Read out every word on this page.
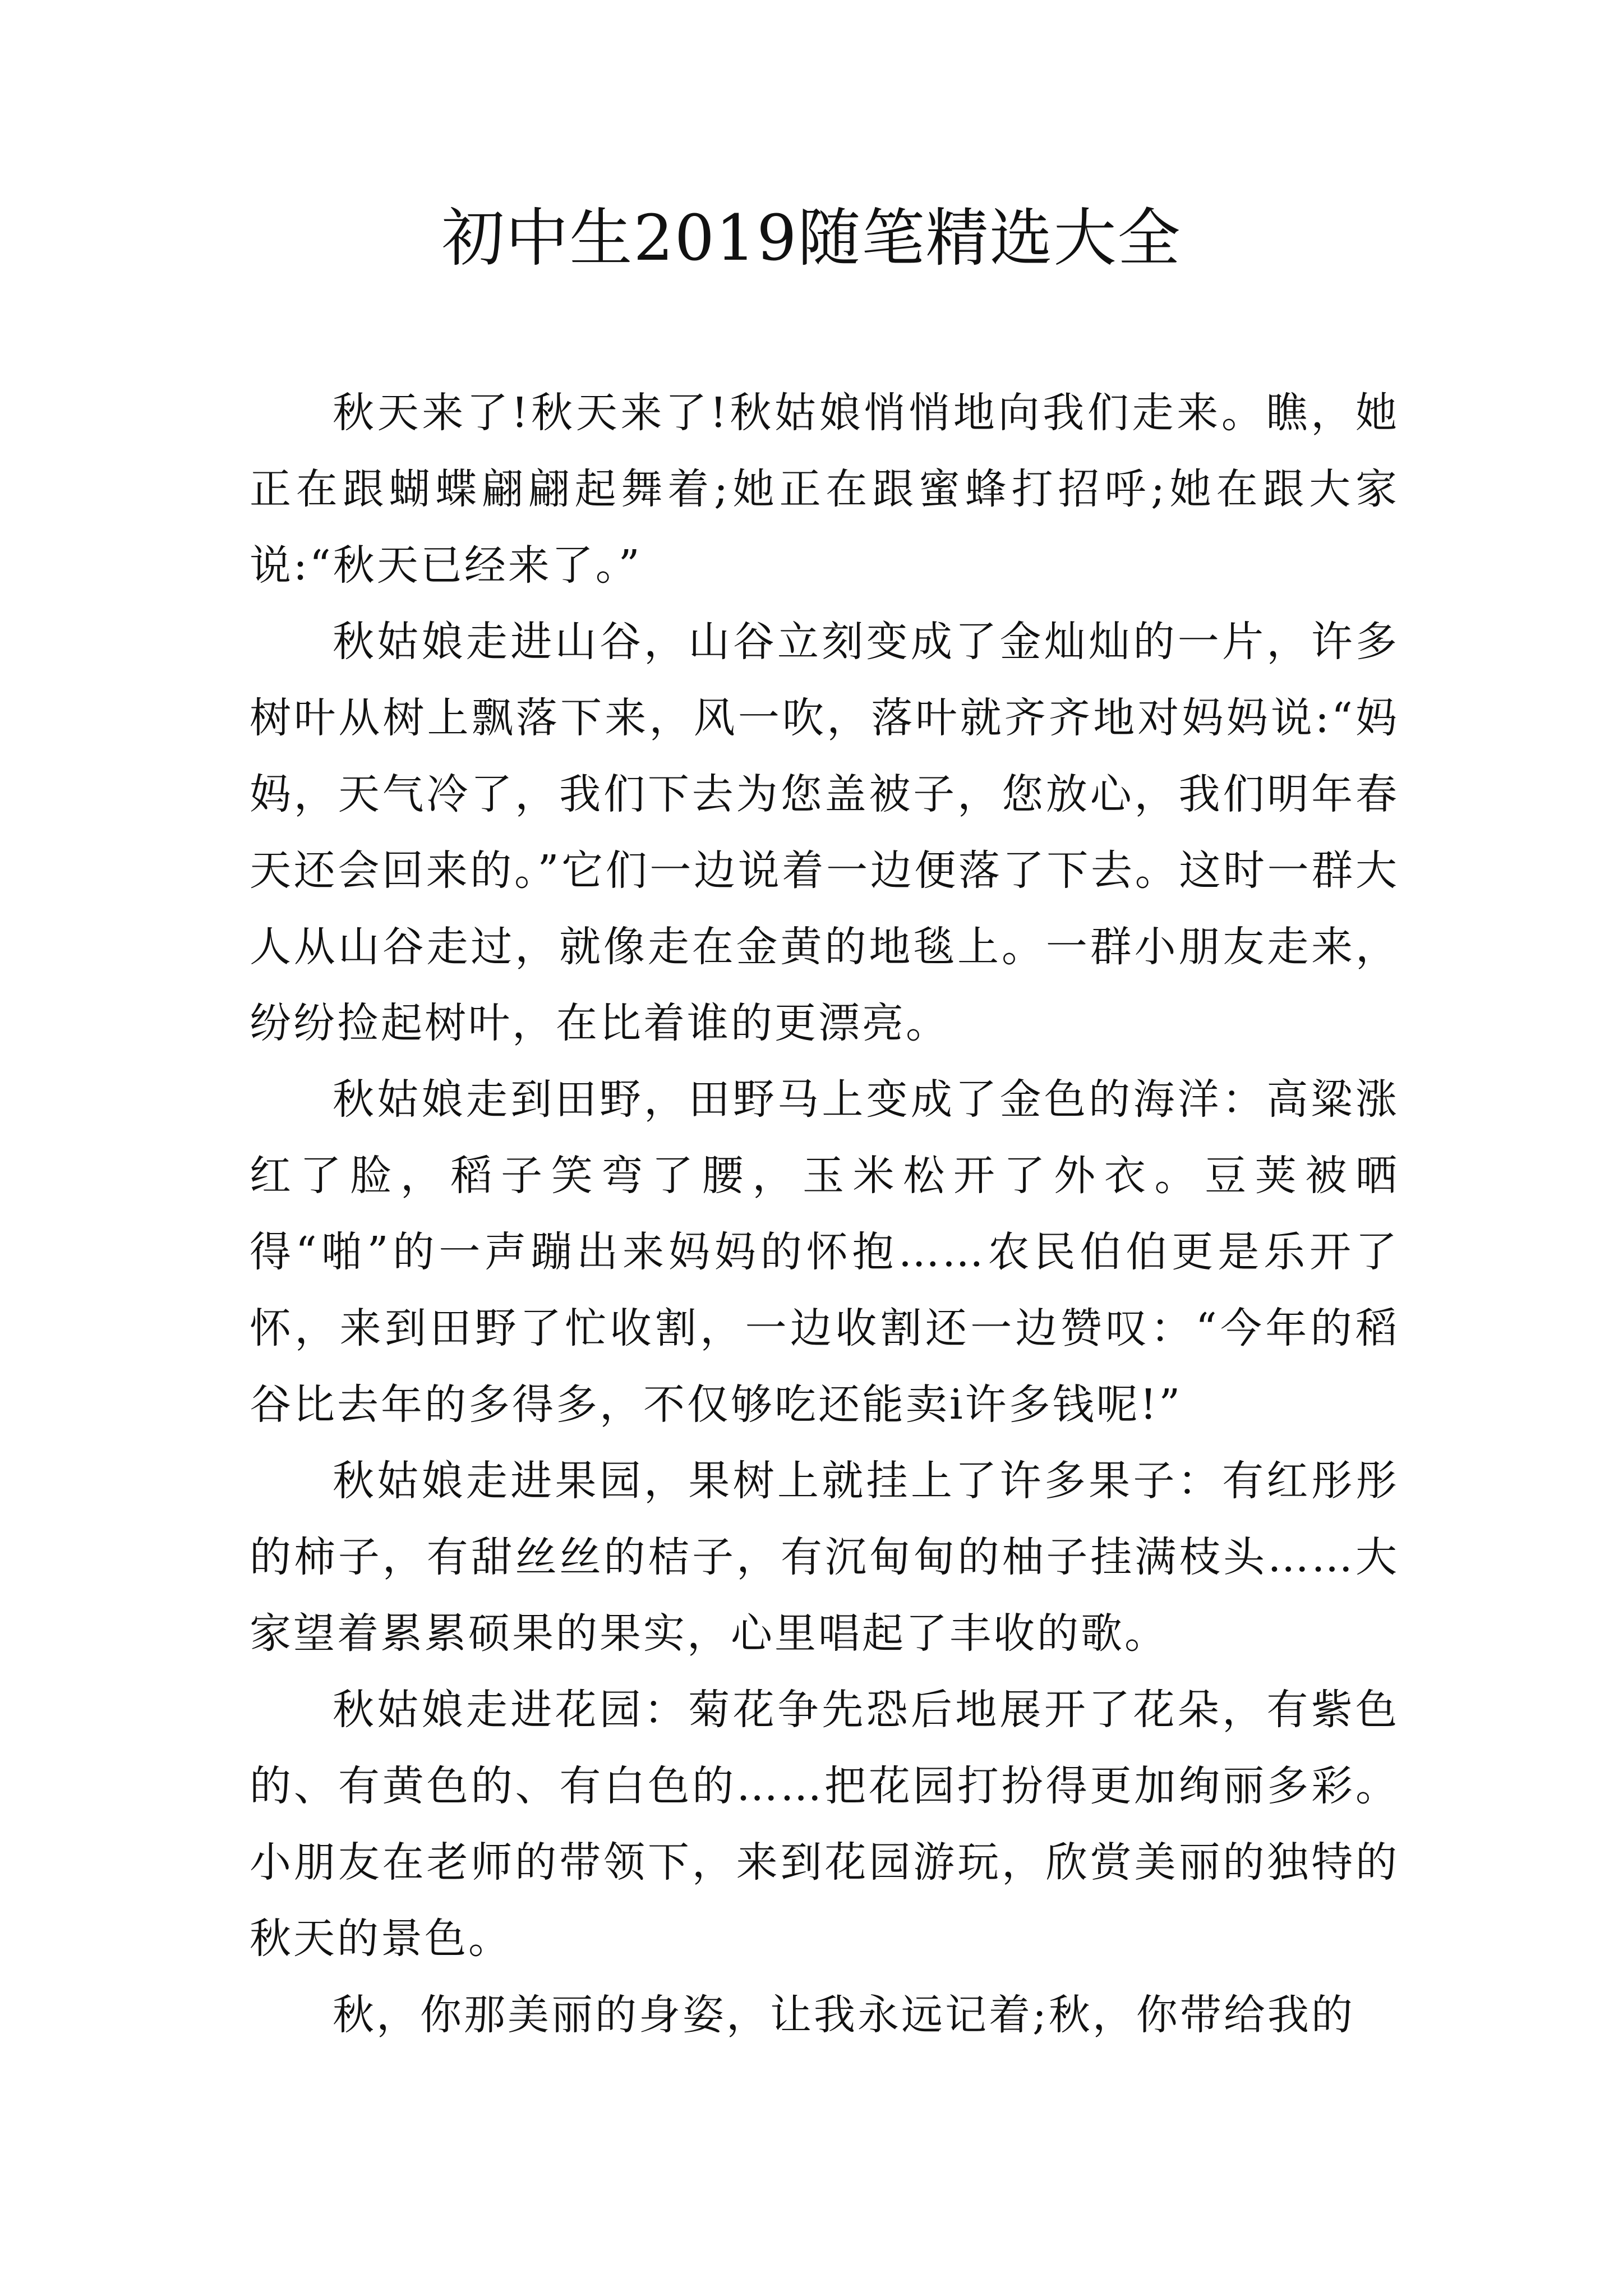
初中生2019随笔精选大全

秋天来了!秋天来了!秋姑娘悄悄地向我们走来。瞧，她正在跟蝴蝶翩翩起舞着;她正在跟蜜蜂打招呼;她在跟大家说:“秋天已经来了。”

秋姑娘走进山谷，山谷立刻变成了金灿灿的一片，许多树叶从树上飘落下来，风一吹，落叶就齐齐地对妈妈说:“妈妈，天气冷了，我们下去为您盖被子，您放心，我们明年春天还会回来的。”它们一边说着一边便落了下去。这时一群大人从山谷走过，就像走在金黄的地毯上。一群小朋友走来，纷纷捡起树叶，在比着谁的更漂亮。

秋姑娘走到田野，田野马上变成了金色的海洋：高粱涨红了脸，稻子笑弯了腰，玉米松开了外衣。豆荚被晒得“啪”的一声蹦出来妈妈的怀抱……农民伯伯更是乐开了怀，来到田野了忙收割，一边收割还一边赞叹：“今年的稻谷比去年的多得多，不仅够吃还能卖i许多钱呢!”

秋姑娘走进果园，果树上就挂上了许多果子：有红彤彤的柿子，有甜丝丝的桔子，有沉甸甸的柚子挂满枝头……大家望着累累硕果的果实，心里唱起了丰收的歌。

秋姑娘走进花园：菊花争先恐后地展开了花朵，有紫色的、有黄色的、有白色的……把花园打扮得更加绚丽多彩。小朋友在老师的带领下，来到花园游玩，欣赏美丽的独特的秋天的景色。

秋，你那美丽的身姿，让我永远记着;秋，你带给我的
